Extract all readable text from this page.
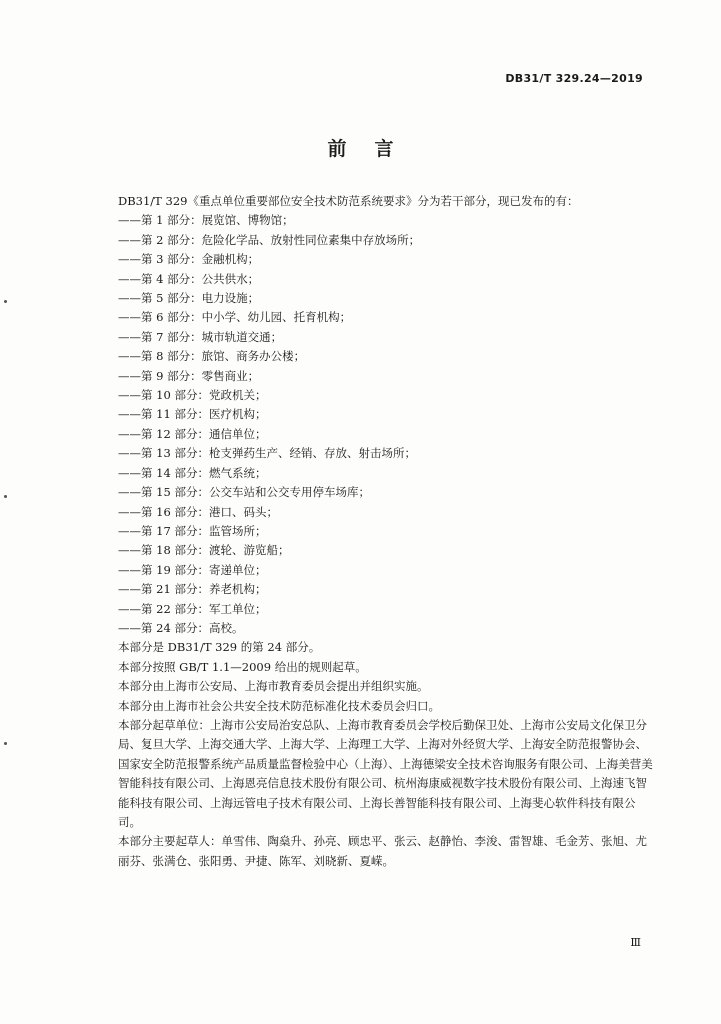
DB31/T 329.24—2019
前言
DB31/T 329《重点单位重要部位安全技术防范系统要求》分为若干部分，现已发布的有：
——第 1 部分：展览馆、博物馆；
——第 2 部分：危险化学品、放射性同位素集中存放场所；
——第 3 部分：金融机构；
——第 4 部分：公共供水；
——第 5 部分：电力设施；
——第 6 部分：中小学、幼儿园、托育机构；
——第 7 部分：城市轨道交通；
——第 8 部分：旅馆、商务办公楼；
——第 9 部分：零售商业；
——第 10 部分：党政机关；
——第 11 部分：医疗机构；
——第 12 部分：通信单位；
——第 13 部分：枪支弹药生产、经销、存放、射击场所；
——第 14 部分：燃气系统；
——第 15 部分：公交车站和公交专用停车场库；
——第 16 部分：港口、码头；
——第 17 部分：监管场所；
——第 18 部分：渡轮、游览船；
——第 19 部分：寄递单位；
——第 21 部分：养老机构；
——第 22 部分：军工单位；
——第 24 部分：高校。
本部分是 DB31/T 329 的第 24 部分。
本部分按照 GB/T 1.1—2009 给出的规则起草。
本部分由上海市公安局、上海市教育委员会提出并组织实施。
本部分由上海市社会公共安全技术防范标准化技术委员会归口。
本部分起草单位：上海市公安局治安总队、上海市教育委员会学校后勤保卫处、上海市公安局文化保卫分局、复旦大学、上海交通大学、上海大学、上海理工大学、上海对外经贸大学、上海安全防范报警协会、国家安全防范报警系统产品质量监督检验中心（上海）、上海德梁安全技术咨询服务有限公司、上海美营美智能科技有限公司、上海恩亮信息技术股份有限公司、杭州海康威视数字技术股份有限公司、上海速飞智能科技有限公司、上海远管电子技术有限公司、上海长善智能科技有限公司、上海斐心软件科技有限公司。
本部分主要起草人：单雪伟、陶燊升、孙亮、顾忠平、张云、赵静怡、李浚、雷智雄、毛金芳、张旭、尤丽芬、张满仓、张阳勇、尹捷、陈军、刘晓新、夏嵘。
Ⅲ
